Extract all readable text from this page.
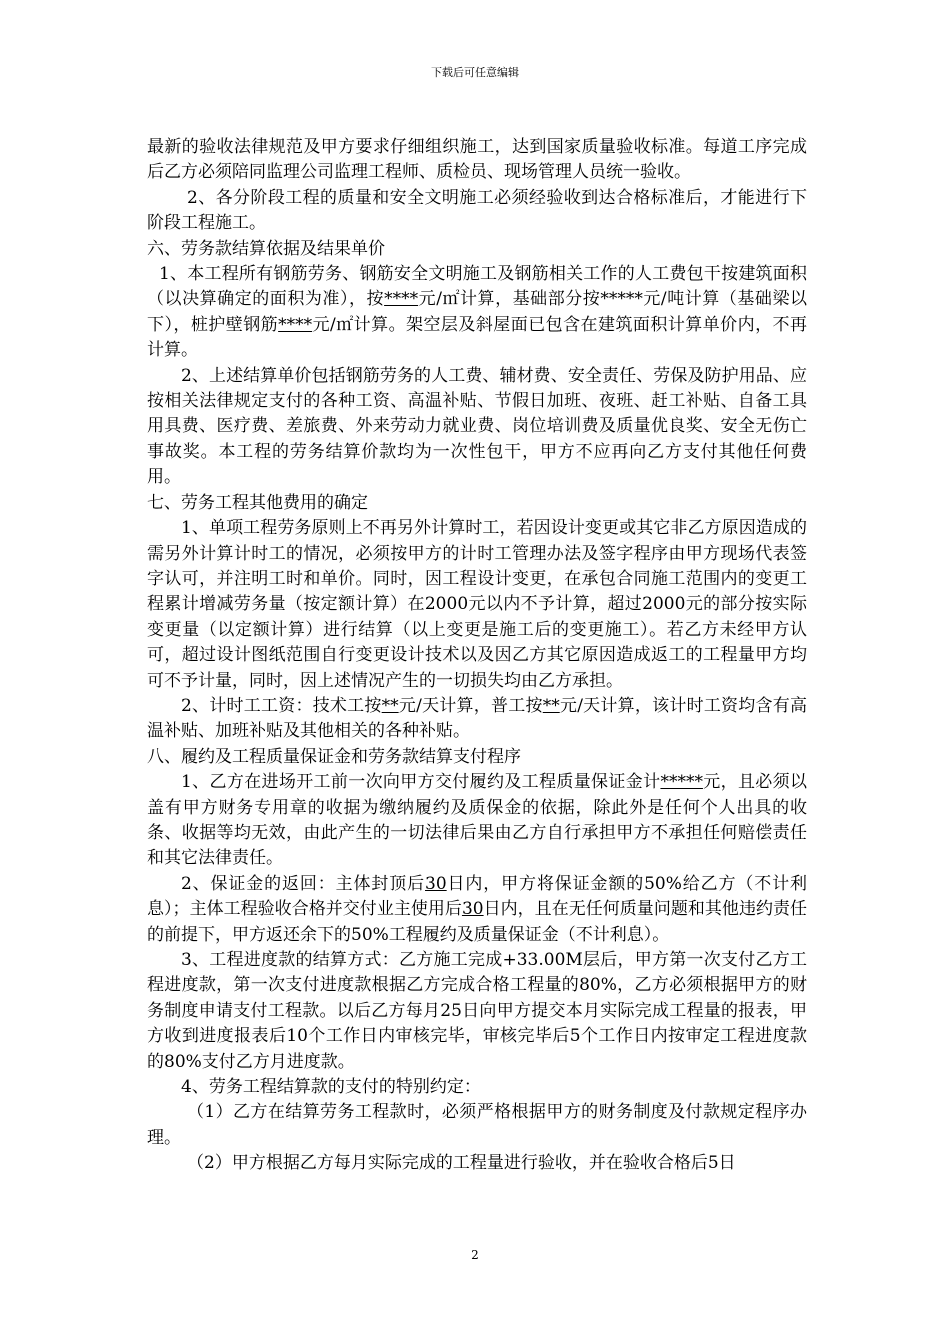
下载后可任意编辑

最新的验收法律规范及甲方要求仔细组织施工，达到国家质量验收标准。每道工序完成后乙方必须陪同监理公司监理工程师、质检员、现场管理人员统一验收。

2、各分阶段工程的质量和安全文明施工必须经验收到达合格标准后，才能进行下阶段工程施工。

六、劳务款结算依据及结果单价

1、本工程所有钢筋劳务、钢筋安全文明施工及钢筋相关工作的人工费包干按建筑面积（以决算确定的面积为准），按****元/㎡计算，基础部分按*****元/吨计算（基础梁以下），桩护壁钢筋****元/㎡计算。架空层及斜屋面已包含在建筑面积计算单价内，不再计算。

2、上述结算单价包括钢筋劳务的人工费、辅材费、安全责任、劳保及防护用品、应按相关法律规定支付的各种工资、高温补贴、节假日加班、夜班、赶工补贴、自备工具用具费、医疗费、差旅费、外来劳动力就业费、岗位培训费及质量优良奖、安全无伤亡事故奖。本工程的劳务结算价款均为一次性包干，甲方不应再向乙方支付其他任何费用。

七、劳务工程其他费用的确定

1、单项工程劳务原则上不再另外计算时工，若因设计变更或其它非乙方原因造成的需另外计算计时工的情况，必须按甲方的计时工管理办法及签字程序由甲方现场代表签字认可，并注明工时和单价。同时，因工程设计变更，在承包合同施工范围内的变更工程累计增减劳务量（按定额计算）在2000元以内不予计算，超过2000元的部分按实际变更量（以定额计算）进行结算（以上变更是施工后的变更施工）。若乙方未经甲方认可，超过设计图纸范围自行变更设计技术以及因乙方其它原因造成返工的工程量甲方均可不予计量，同时，因上述情况产生的一切损失均由乙方承担。

2、计时工工资：技术工按**元/天计算，普工按**元/天计算，该计时工资均含有高温补贴、加班补贴及其他相关的各种补贴。

八、履约及工程质量保证金和劳务款结算支付程序

1、乙方在进场开工前一次向甲方交付履约及工程质量保证金计*****元，且必须以盖有甲方财务专用章的收据为缴纳履约及质保金的依据，除此外是任何个人出具的收条、收据等均无效，由此产生的一切法律后果由乙方自行承担甲方不承担任何赔偿责任和其它法律责任。

2、保证金的返回：主体封顶后30日内，甲方将保证金额的50%给乙方（不计利息）；主体工程验收合格并交付业主使用后30日内，且在无任何质量问题和其他违约责任的前提下，甲方返还余下的50%工程履约及质量保证金（不计利息）。

3、工程进度款的结算方式：乙方施工完成+33.00M层后，甲方第一次支付乙方工程进度款，第一次支付进度款根据乙方完成合格工程量的80%，乙方必须根据甲方的财务制度申请支付工程款。以后乙方每月25日向甲方提交本月实际完成工程量的报表，甲方收到进度报表后10个工作日内审核完毕，审核完毕后5个工作日内按审定工程进度款的80%支付乙方月进度款。

4、劳务工程结算款的支付的特别约定：

（1）乙方在结算劳务工程款时，必须严格根据甲方的财务制度及付款规定程序办理。

（2）甲方根据乙方每月实际完成的工程量进行验收，并在验收合格后5日

2
